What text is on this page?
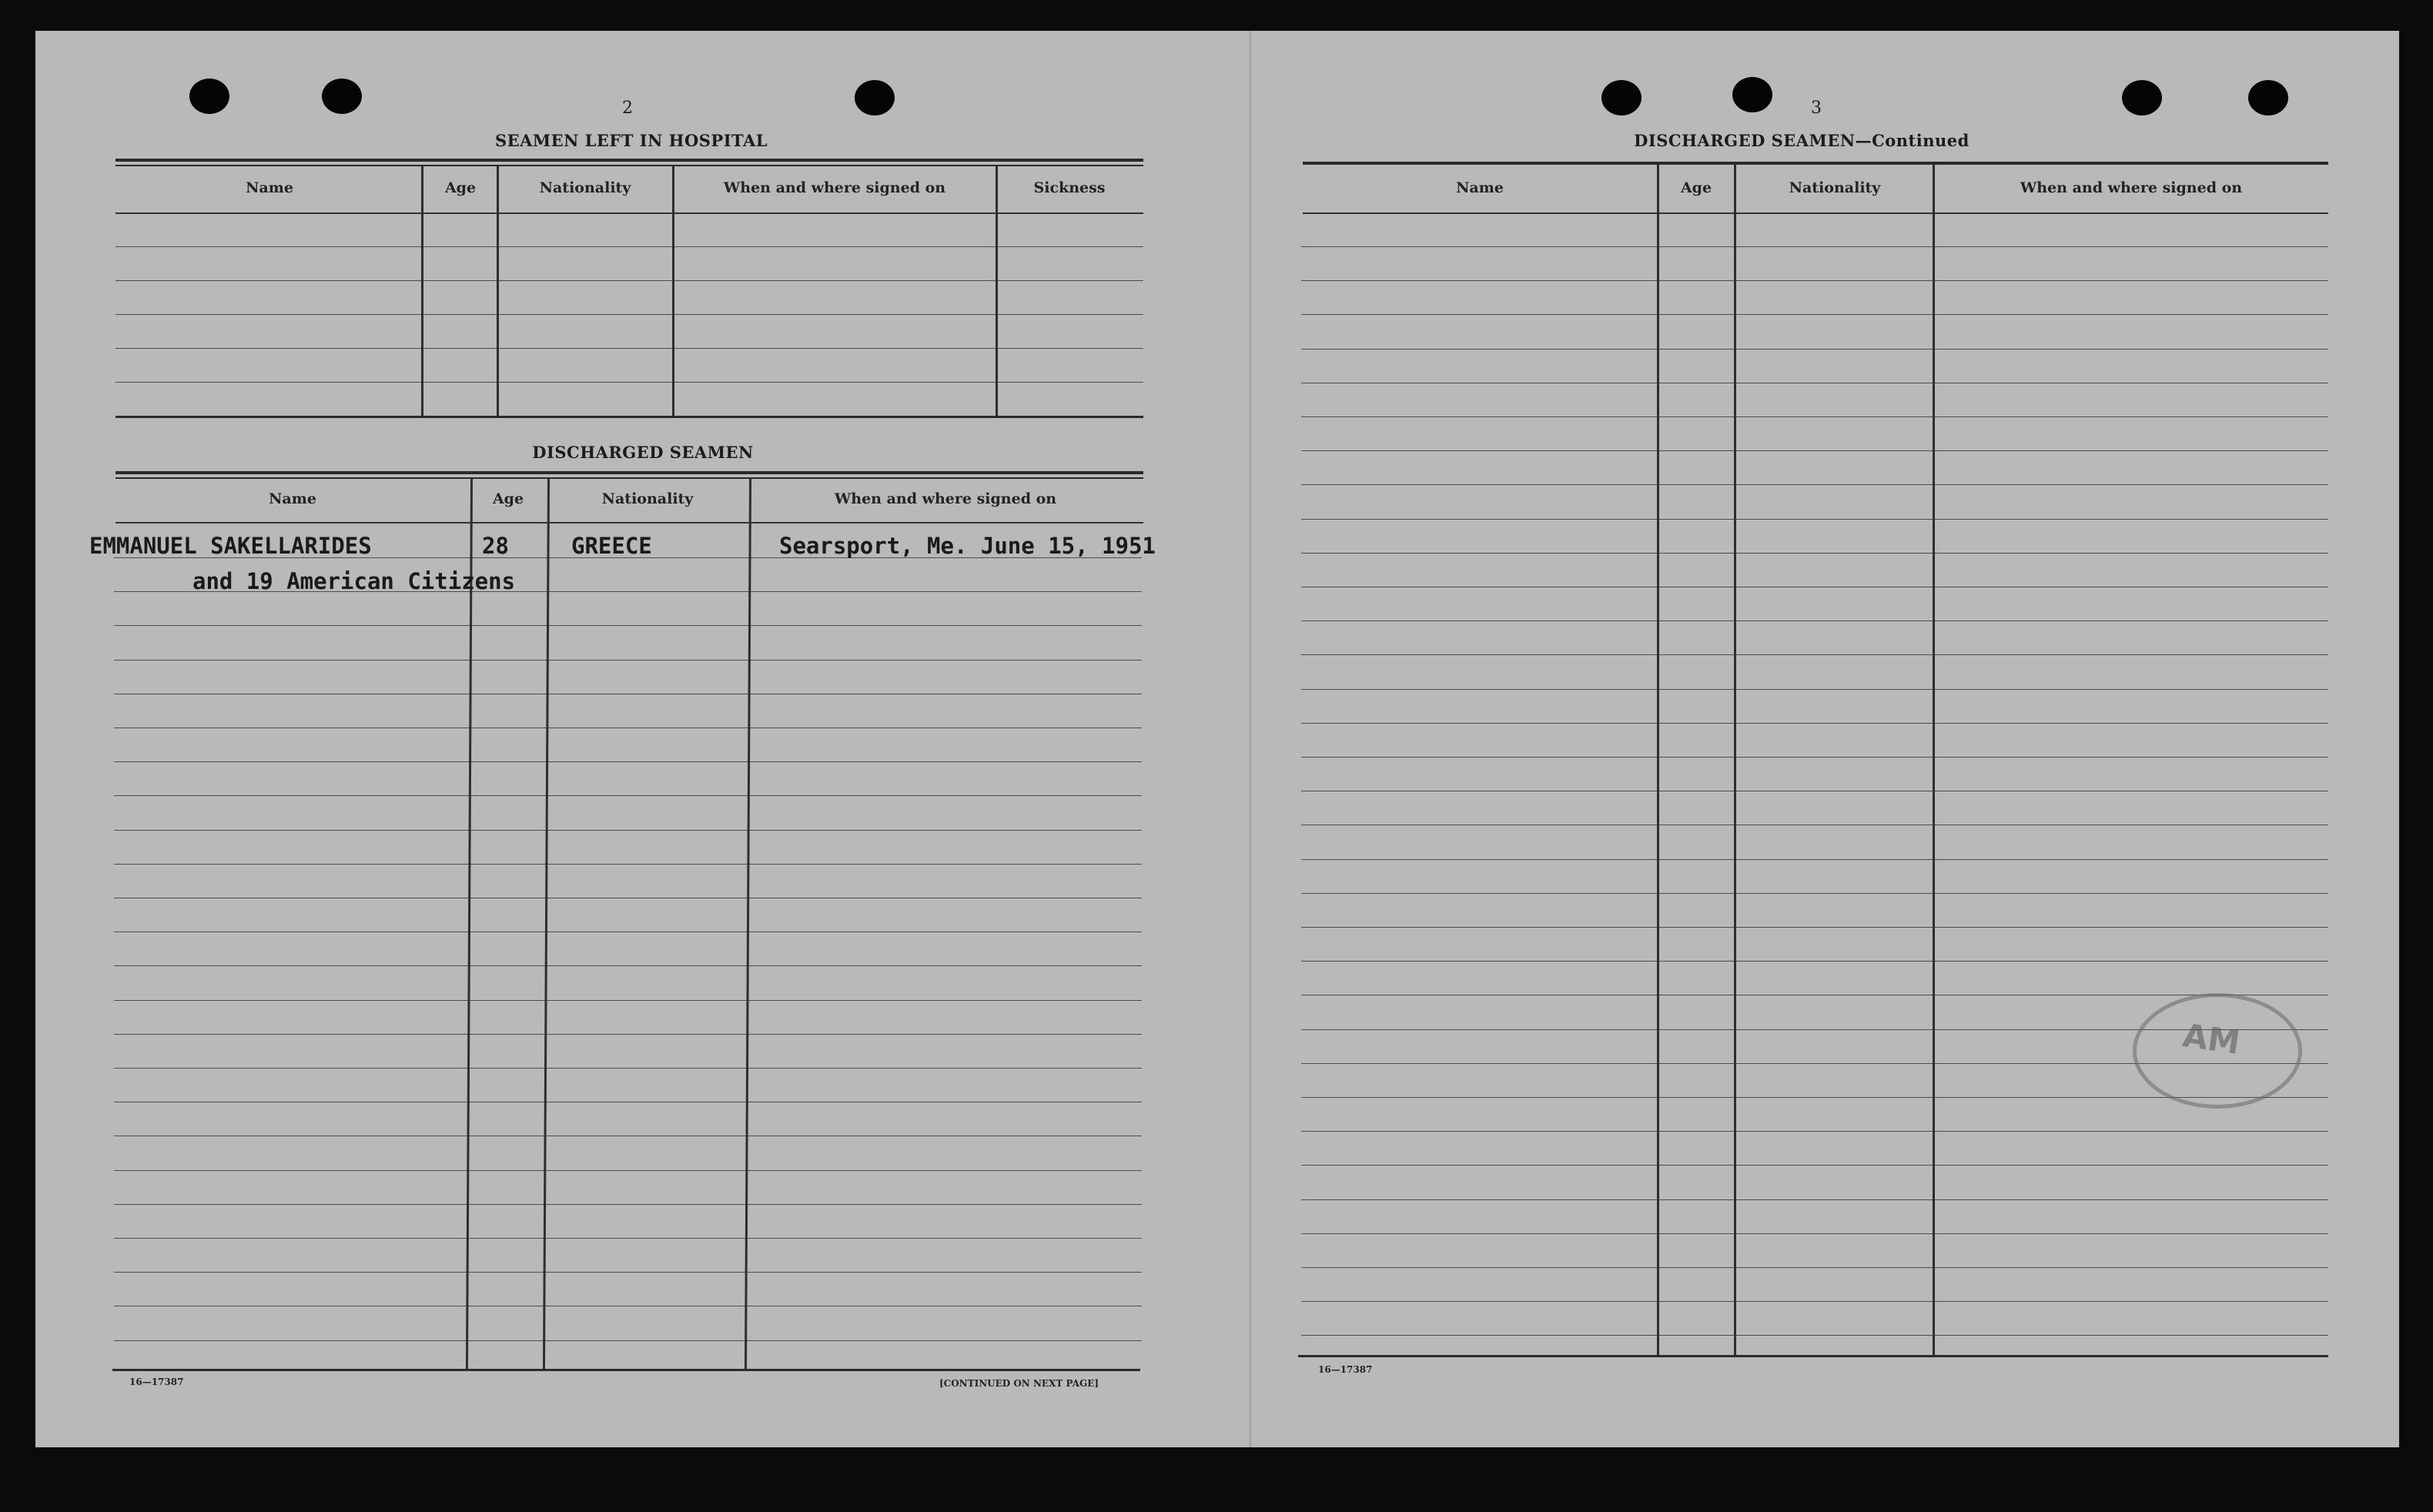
2
SEAMEN LEFT IN HOSPITAL
Name	Age	Nationality	When and where signed on	Sickness
DISCHARGED SEAMEN
Name	Age	Nationality	When and where signed on
EMMANUEL SAKELLARIDES	28	GREECE	Searsport, Me. June 15, 1951
and 19 American Citizens
16—17387	[CONTINUED ON NEXT PAGE]
3
DISCHARGED SEAMEN—Continued
Name	Age	Nationality	When and where signed on
16—17387
AM
